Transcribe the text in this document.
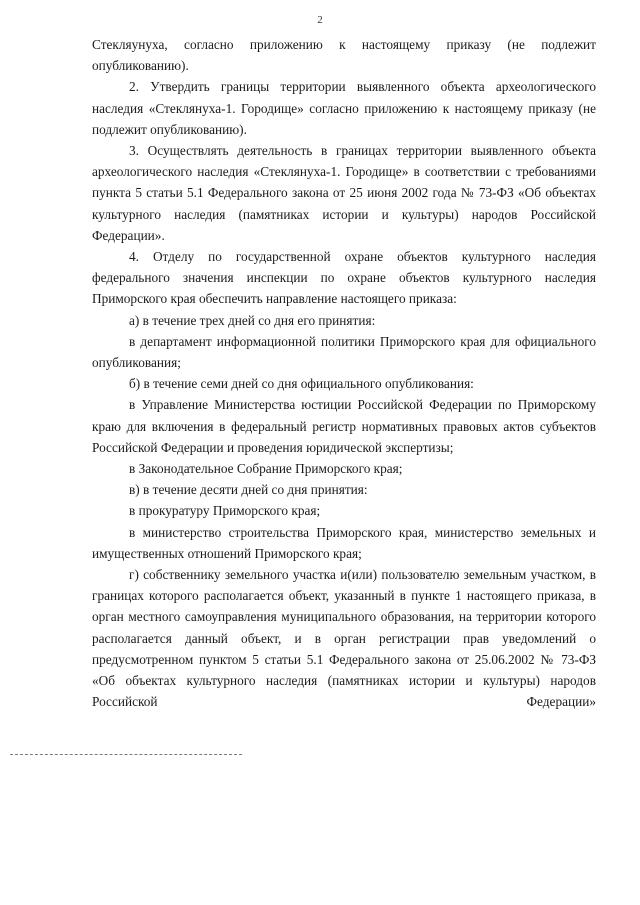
2

Стекляунуха, согласно приложению к настоящему приказу (не подлежит опубликованию).

2. Утвердить границы территории выявленного объекта археологического наследия «Стеклянуха-1. Городище» согласно приложению к настоящему приказу (не подлежит опубликованию).

3. Осуществлять деятельность в границах территории выявленного объекта археологического наследия «Стеклянуха-1. Городище» в соответствии с требованиями пункта 5 статьи 5.1 Федерального закона от 25 июня 2002 года № 73-ФЗ «Об объектах культурного наследия (памятниках истории и культуры) народов Российской Федерации».

4. Отделу по государственной охране объектов культурного наследия федерального значения инспекции по охране объектов культурного наследия Приморского края обеспечить направление настоящего приказа:

а) в течение трех дней со дня его принятия:

в департамент информационной политики Приморского края для официального опубликования;

б) в течение семи дней со дня официального опубликования:

в Управление Министерства юстиции Российской Федерации по Приморскому краю для включения в федеральный регистр нормативных правовых актов субъектов Российской Федерации и проведения юридической экспертизы;

в Законодательное Собрание Приморского края;

в) в течение десяти дней со дня принятия:

в прокуратуру Приморского края;

в министерство строительства Приморского края, министерство земельных и имущественных отношений Приморского края;

г) собственнику земельного участка и(или) пользователю земельным участком, в границах которого располагается объект, указанный в пункте 1 настоящего приказа, в орган местного самоуправления муниципального образования, на территории которого располагается данный объект, и в орган регистрации прав уведомлений о предусмотренном пунктом 5 статьи 5.1 Федерального закона от 25.06.2002 № 73-ФЗ «Об объектах культурного наследия (памятниках истории и культуры) народов Российской Федерации»
